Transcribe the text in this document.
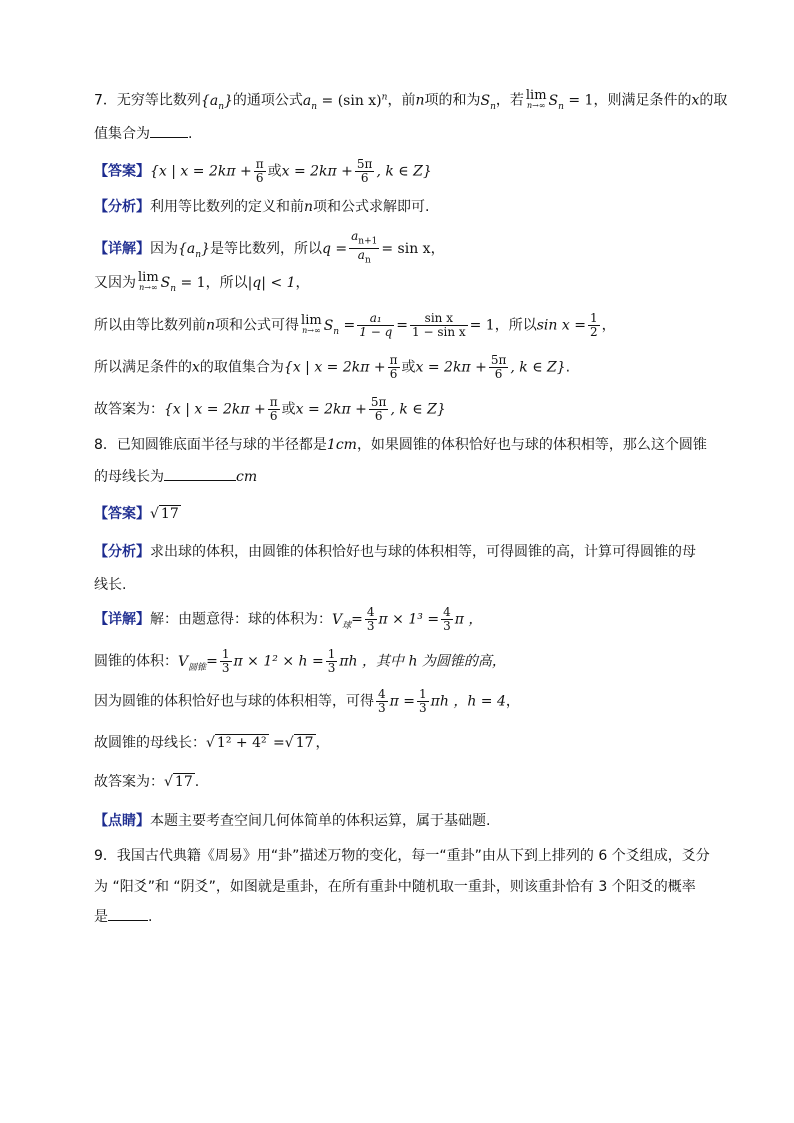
7．无穷等比数列$\{a_n\}$的通项公式$a_n = (\sin$ x)$^n$，前n项的和为$S_n$，若 lim
n→∞ $S_n = 1$，则满足条件的x的取
值集合为	.
【答案】{x | $x = 2k\pi + \frac{\pi}{6}$ 或$x = 2k\pi + \frac{5\pi}{6}$ , k ∈ Z}
【分析】利用等比数列的定义和前n项和公式求解即可.
【详解】因为$\{a_n\}$是等比数列，所以$q = \frac{a_{n+1}}{a_n} = \sin x$，
又因为 lim
n→∞ $S_n = 1$，所以|q| < 1，
所以由等比数列前n项和公式可得 lim
n→∞ $S_n = \frac{\text{a₁}}{1 - q} = \frac{\text{sin x}}{\text{1 − sin x}} = 1$，所以$\sin x = \frac{1}{2}$ ，
所以满足条件的x的取值集合为{x | $x = 2k\pi + \frac{\pi}{6}$ 或$x = 2k\pi + \frac{5\pi}{6}$ , k ∈ Z}.
故答案为：{x | $x = 2k\pi + \frac{\pi}{6}$ 或$x = 2k\pi + \frac{5\pi}{6}$ , k ∈ Z}
8．已知圆锥底面半径与球的半径都是1cm，如果圆锥的体积恰好也与球的体积相等，那么这个圆锥
的母线长为	cm
【答案】√ 17
【分析】求出球的体积，由圆锥的体积恰好也与球的体积相等，可得圆锥的高，计算可得圆锥的母
线长.
【详解】解：由题意得：球的体积为：$V_球= \frac{4}{3}$ $\pi \times 1^3 = \frac{4}{3}$ π ，
圆锥的体积：$V_{圆锥}= \frac{1}{3}$ $\pi \times 1^2 \times h = \frac{1}{3}$ πh ，其中 h 为圆锥的高，
因为圆锥的体积恰好也与球的体积相等，可得 $\frac{4}{3}$ $\pi = \frac{1}{3}$ πh ，h = 4，
故圆锥的母线长：√ 1² + 4² =√ 17 ，
故答案为：√ 17 .
【点睛】本题主要考查空间几何体简单的体积运算，属于基础题.
9．我国古代典籍《周易》用“卦”描述万物的变化，每一“重卦”由从下到上排列的 6 个爻组成，爻分
为 “阳爻”和 “阴爻”，如图就是重卦，在所有重卦中随机取一重卦，则该重卦恰有 3 个阳爻的概率
是	.
